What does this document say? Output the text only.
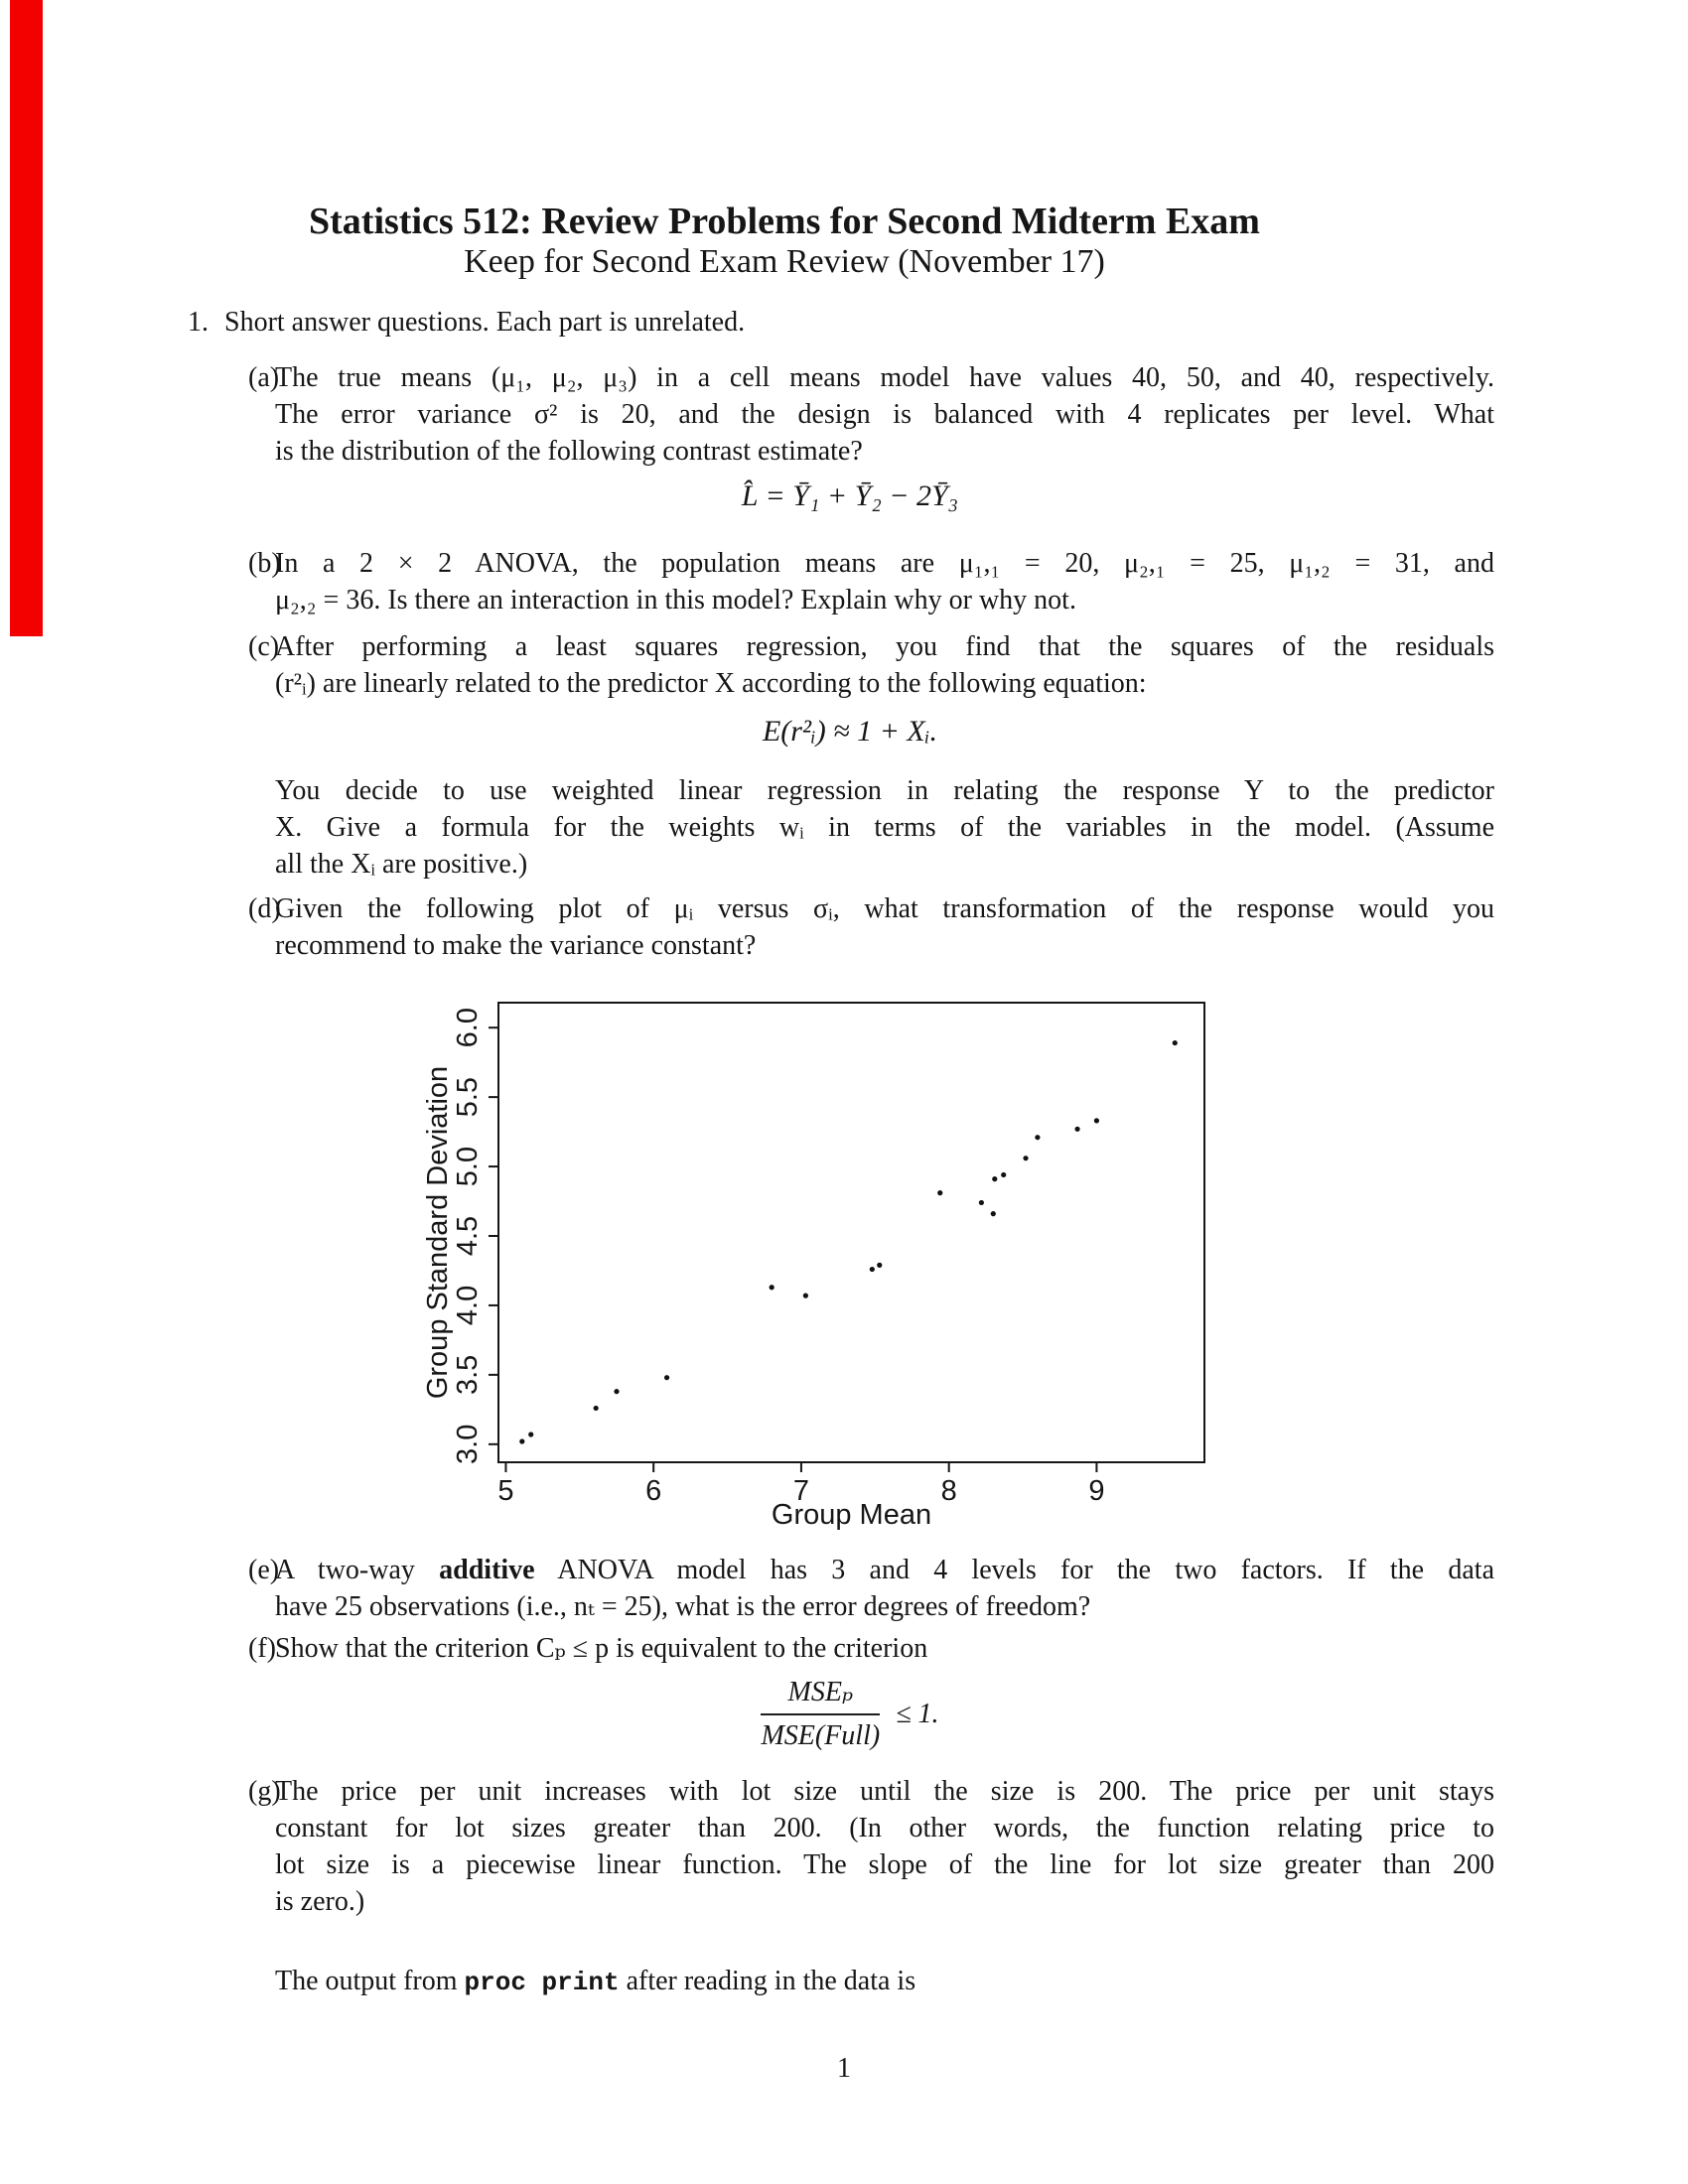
Statistics 512: Review Problems for Second Midterm Exam
Keep for Second Exam Review (November 17)
1. Short answer questions. Each part is unrelated.
(a)
The true means (μ₁, μ₂, μ₃) in a cell means model have values 40, 50, and 40, respectively.
The error variance σ² is 20, and the design is balanced with 4 replicates per level. What
is the distribution of the following contrast estimate?
L̂ = Ȳ₁ + Ȳ₂ − 2Ȳ₃
(b)
In a 2 × 2 ANOVA, the population means are μ₁,₁ = 20, μ₂,₁ = 25, μ₁,₂ = 31, and
μ₂,₂ = 36. Is there an interaction in this model? Explain why or why not.
(c)
After performing a least squares regression, you find that the squares of the residuals
(r²ᵢ) are linearly related to the predictor X according to the following equation:
E(r²ᵢ) ≈ 1 + Xᵢ.
You decide to use weighted linear regression in relating the response Y to the predictor
X. Give a formula for the weights wᵢ in terms of the variables in the model. (Assume
all the Xᵢ are positive.)
(d)
Given the following plot of μᵢ versus σᵢ, what transformation of the response would you
recommend to make the variance constant?
5	6	7	8	9
3.0
3.5
4.0
4.5
5.0
5.5
6.0
Group Mean
Group Standard Deviation
(e)
A two-way additive ANOVA model has 3 and 4 levels for the two factors. If the data
have 25 observations (i.e., nₜ = 25), what is the error degrees of freedom?
(f) Show that the criterion Cₚ ≤ p is equivalent to the criterion
$\frac{\text{MSEₚ}}{\text{MSE(Full)}} \le 1$.
(g)
The price per unit increases with lot size until the size is 200. The price per unit stays
constant for lot sizes greater than 200. (In other words, the function relating price to
lot size is a piecewise linear function. The slope of the line for lot size greater than 200
is zero.)
The output from proc print after reading in the data is
1
